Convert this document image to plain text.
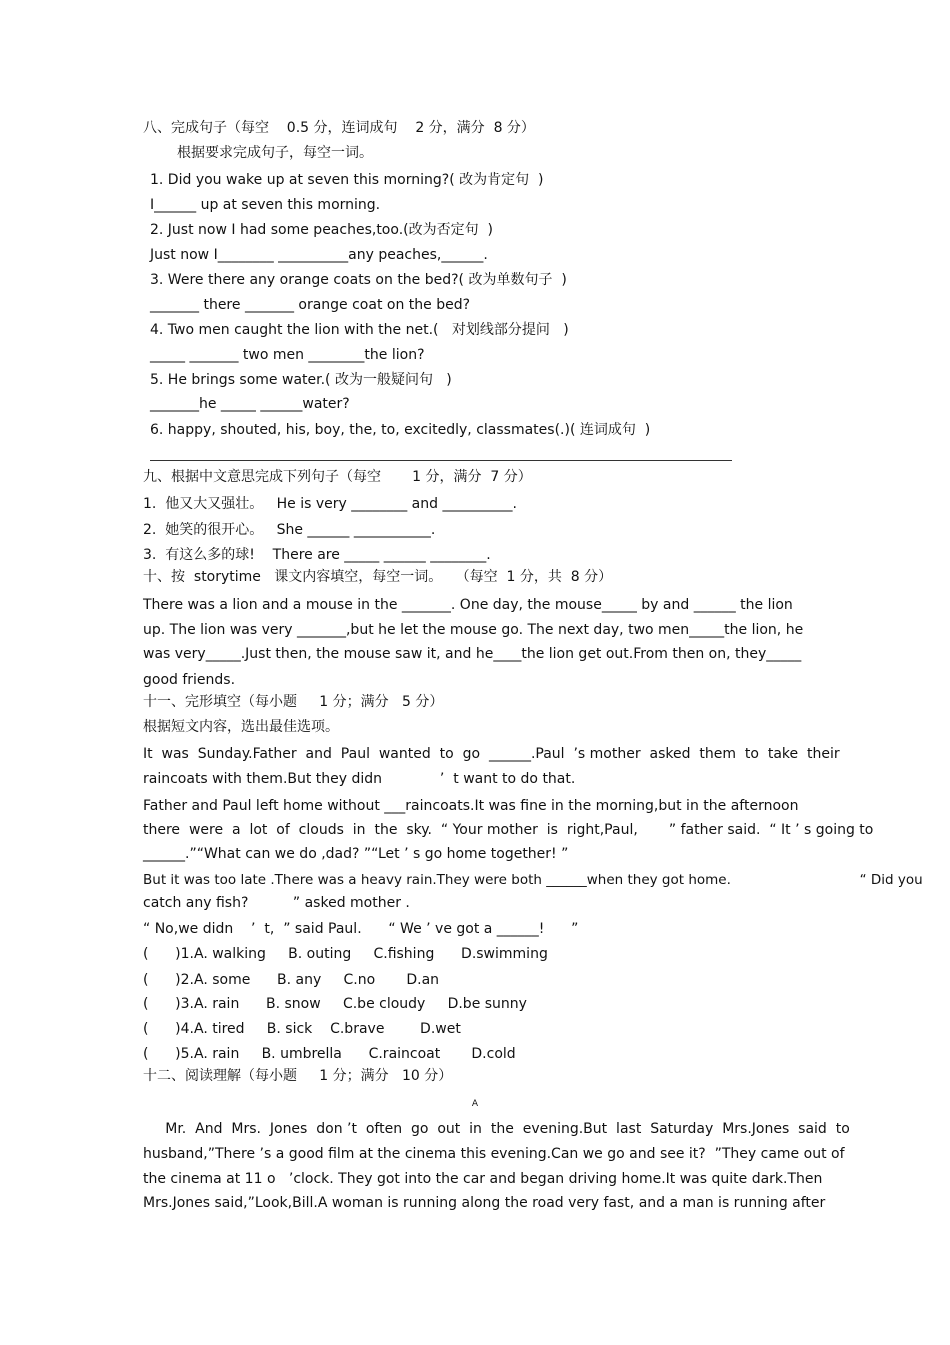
八、完成句子（每空    0.5 分，连词成句    2 分，满分  8 分）
根据要求完成句子，每空一词。
1. Did you wake up at seven this morning?( 改为肯定句  )
I______ up at seven this morning.
2. Just now I had some peaches,too.(改为否定句  )
Just now I________ __________any peaches,______.
3. Were there any orange coats on the bed?( 改为单数句子  )
_______ there _______ orange coat on the bed?
4. Two men caught the lion with the net.(   对划线部分提问   )
_____ _______ two men ________the lion?
5. He brings some water.( 改为一般疑问句   )
_______he _____ ______water?
6. happy, shouted, his, boy, the, to, excitedly, classmates(.)( 连词成句  )
九、根据中文意思完成下列句子（每空       1 分，满分  7 分）
1.  他又大又强壮。   He is very ________ and __________.
2.  她笑的很开心。   She ______ ___________.
3.  有这么多的球!    There are _____ ______ ________.
十、按  storytime   课文内容填空，每空一词。   （每空  1 分，共  8 分）
There was a lion and a mouse in the _______. One day, the mouse_____ by and ______ the lion
up. The lion was very _______,but he let the mouse go. The next day, two men_____the lion, he
was very_____.Just then, the mouse saw it, and he____the lion get out.From then on, they_____
good friends.
十一、完形填空（每小题     1 分；满分   5 分）
根据短文内容，选出最佳选项。
It  was  Sunday.Father  and  Paul  wanted  to  go  ______.Paul  ’s mother  asked  them  to  take  their
raincoats with them.But they didn             ’  t want to do that.
Father and Paul left home without ___raincoats.It was fine in the morning,but in the afternoon
there  were  a  lot  of  clouds  in  the  sky.  “ Your mother  is  right,Paul,       ” father said.  “ It ’ s going to
______.”“What can we do ,dad? ”“Let ’ s go home together! ”
But it was too late .There was a heavy rain.They were both ______when they got home.                              “ Did you
catch any fish?          ” asked mother .
“ No,we didn    ’  t,  ” said Paul.      “ We ’ ve got a ______!      ”
(      )1.A. walking     B. outing     C.fishing      D.swimming
(      )2.A. some      B. any     C.no       D.an
(      )3.A. rain      B. snow     C.be cloudy     D.be sunny
(      )4.A. tired     B. sick    C.brave        D.wet
(      )5.A. rain     B. umbrella      C.raincoat       D.cold
十二、阅读理解（每小题     1 分；满分   10 分）
A
Mr.  And  Mrs.  Jones  don ’t  often  go  out  in  the  evening.But  last  Saturday  Mrs.Jones  said  to
husband,”There ’s a good film at the cinema this evening.Can we go and see it?  ”They came out of
the cinema at 11 o   ’clock. They got into the car and began driving home.It was quite dark.Then
Mrs.Jones said,”Look,Bill.A woman is running along the road very fast, and a man is running after
